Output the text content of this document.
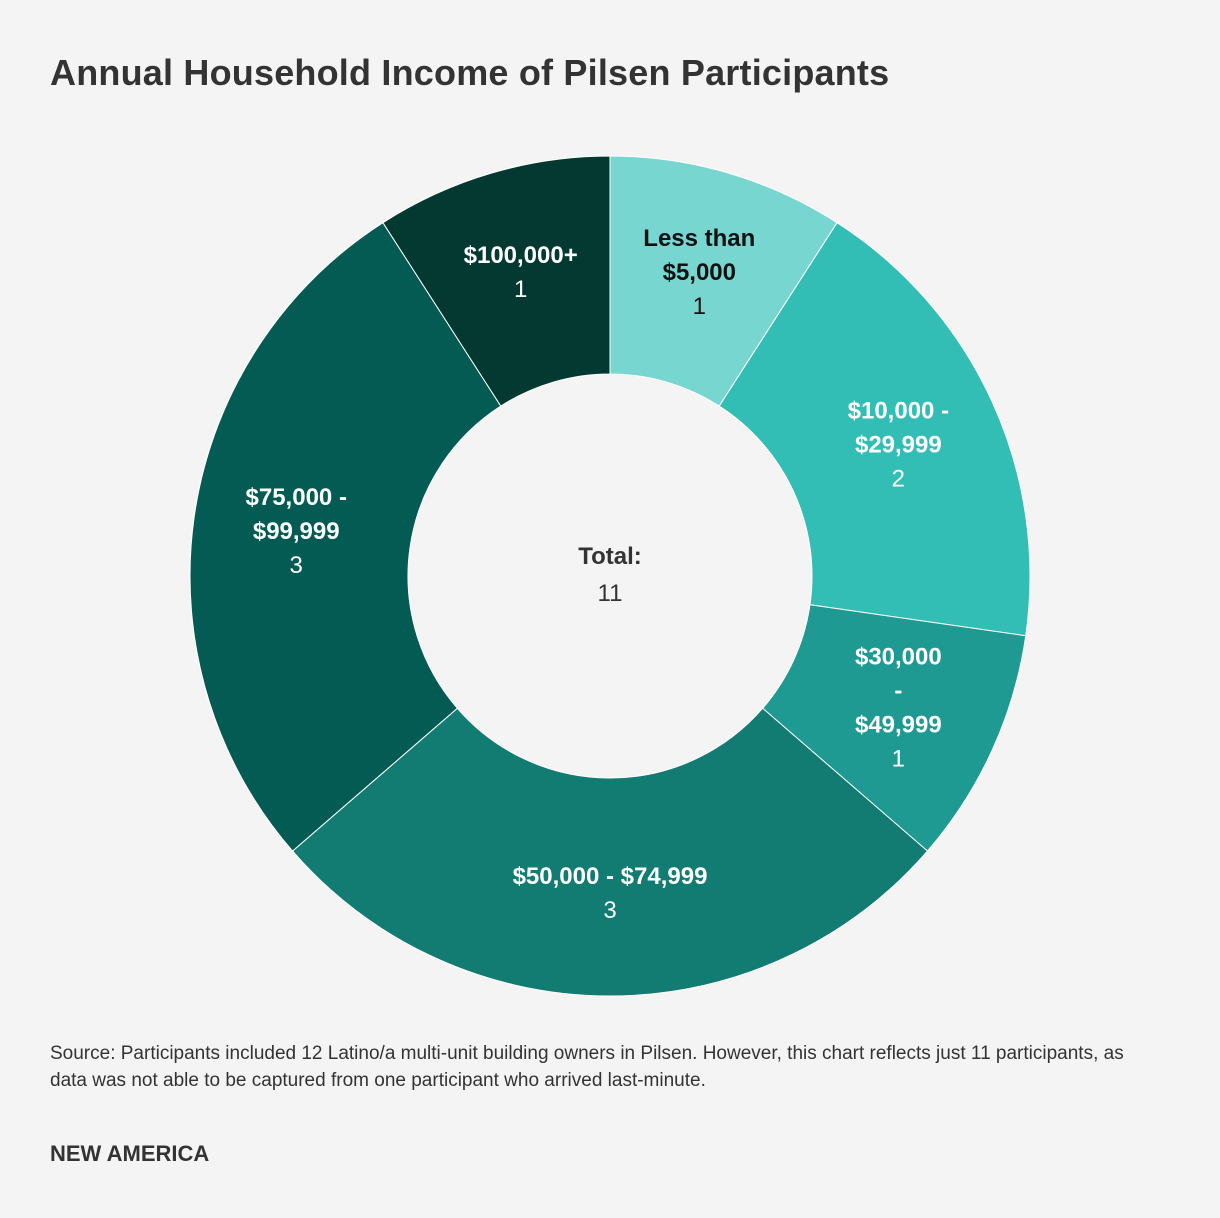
Annual Household Income of Pilsen Participants
Less than $5,000 1
$10,000 -$29,999 2
$30,000 -$49,999 1
$50,000 - $74,999 3
$75,000 -$99,999 3
$100,000+ 1
Total:
11
Source: Participants included 12 Latino/a multi-unit building owners in Pilsen. However, this chart reflects just 11 participants, as data was not able to be captured from one participant who arrived last-minute.
NEW AMERICA
